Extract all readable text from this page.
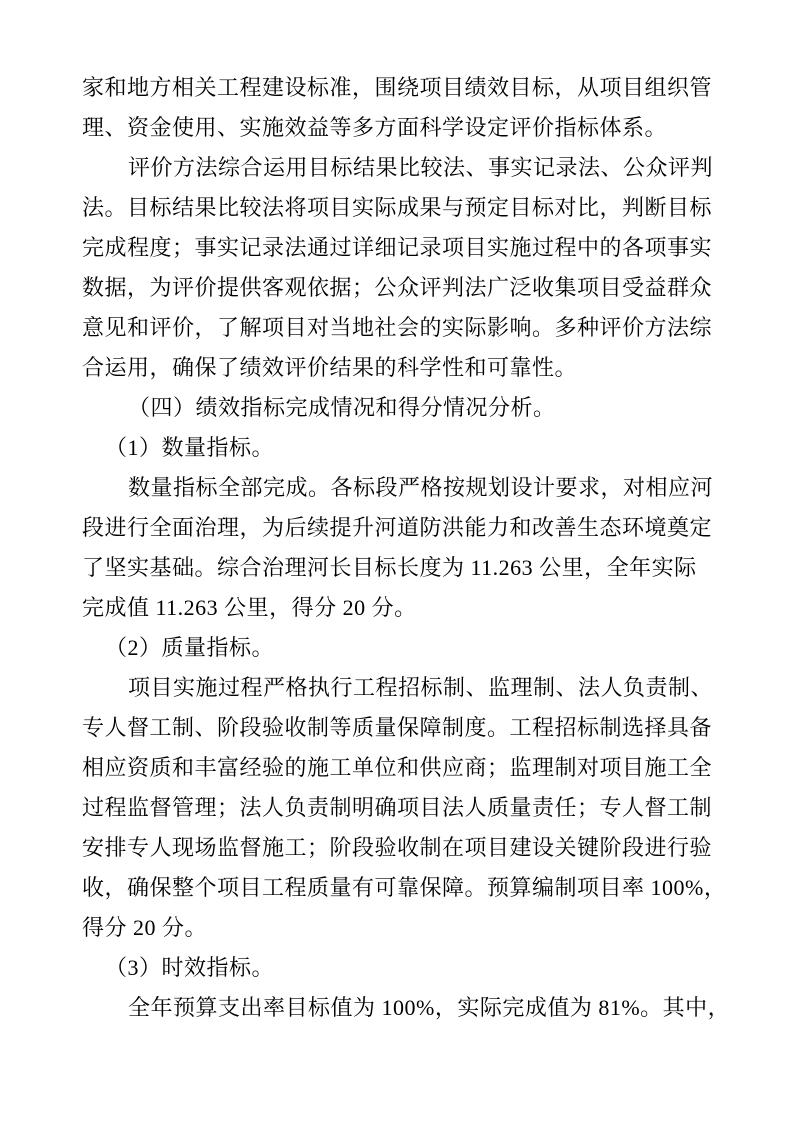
家和地方相关工程建设标准，围绕项目绩效目标，从项目组织管
理、资金使用、实施效益等多方面科学设定评价指标体系。
评价方法综合运用目标结果比较法、事实记录法、公众评判
法。目标结果比较法将项目实际成果与预定目标对比，判断目标
完成程度；事实记录法通过详细记录项目实施过程中的各项事实
数据，为评价提供客观依据；公众评判法广泛收集项目受益群众
意见和评价，了解项目对当地社会的实际影响。多种评价方法综
合运用，确保了绩效评价结果的科学性和可靠性。
（四）绩效指标完成情况和得分情况分析。
（1）数量指标。
数量指标全部完成。各标段严格按规划设计要求，对相应河
段进行全面治理，为后续提升河道防洪能力和改善生态环境奠定
了坚实基础。综合治理河长目标长度为 11.263 公里，全年实际
完成值 11.263 公里，得分 20 分。
（2）质量指标。
项目实施过程严格执行工程招标制、监理制、法人负责制、
专人督工制、阶段验收制等质量保障制度。工程招标制选择具备
相应资质和丰富经验的施工单位和供应商；监理制对项目施工全
过程监督管理；法人负责制明确项目法人质量责任；专人督工制
安排专人现场监督施工；阶段验收制在项目建设关键阶段进行验
收，确保整个项目工程质量有可靠保障。预算编制项目率 100%，
得分 20 分。
（3）时效指标。
全年预算支出率目标值为 100%，实际完成值为 81%。其中，
